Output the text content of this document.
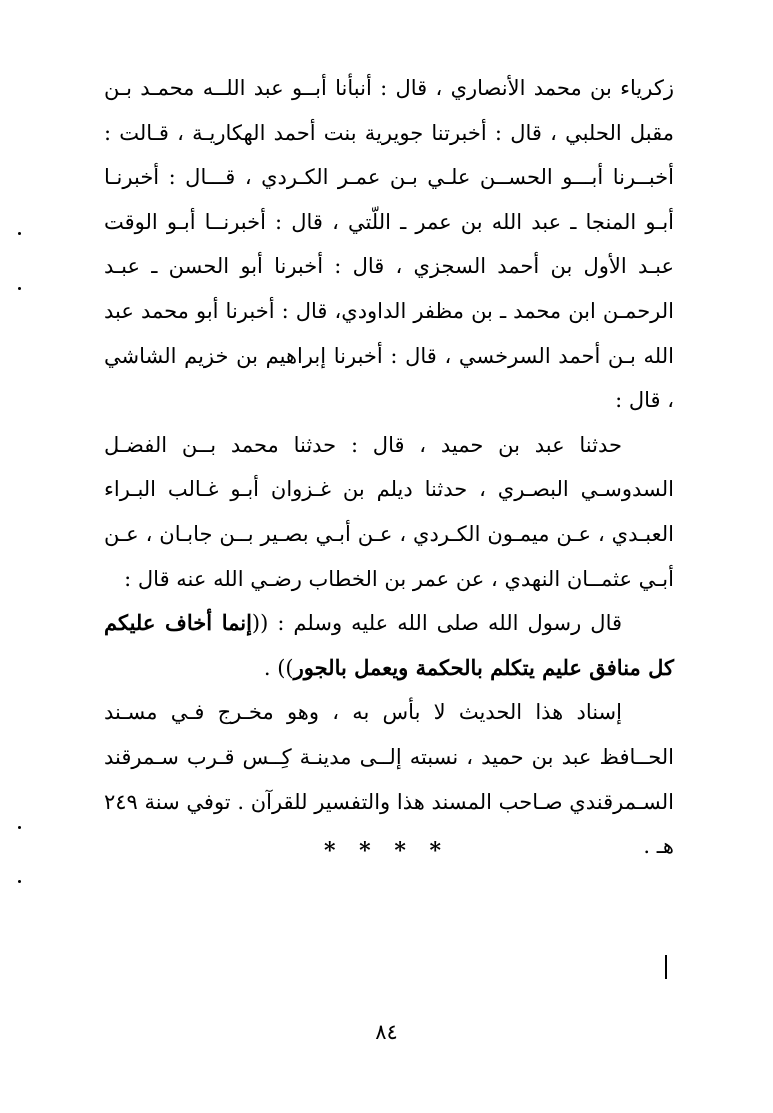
زكرياء بن محمد الأنصاري ، قال : أنبأنا أبــو عبد اللــه محمـد بـن مقبل الحلبي ، قال : أخبرتنا جويرية بنت أحمد الهكاريـة ، قـالت : أخبــرنا أبـــو الحســن علـي بـن عمـر الكـردي ، قـــال : أخبرنـا أبـو المنجا ـ عبد الله بن عمر ـ اللّتي ، قال : أخبرنــا أبـو الوقت عبـد الأول بن أحمد السجزي ، قال : أخبرنا أبو الحسن ـ عبـد الرحمـن ابن محمد ـ بن مظفر الداودي، قال : أخبرنا أبو محمد عبد الله بـن أحمد السرخسي ، قال : أخبرنا إبراهيم بن خزيم الشاشي ، قال :

حدثنا عبد بن حميد ، قال : حدثنا محمد بــن الفضـل السدوسـي البصـري ، حدثنا ديلم بن غـزوان أبـو غـالب البـراء العبـدي ، عـن ميمـون الكـردي ، عـن أبـي بصـير بــن جابـان ، عـن أبـي عثمــان النهدي ، عن عمر بن الخطاب رضـي الله عنه قال :

قال رسول الله صلى الله عليه وسلم : ((إنما أخاف عليكم كل منافق عليم يتكلم بالحكمة ويعمل بالجور)) .

إسناد هذا الحديث لا بأس به ، وهو مخـرج فـي مسـند الحــافظ عبد بن حميد ، نسبته إلــى مدينـة كِــس قـرب سـمرقند السـمرقندي صـاحب المسند هذا والتفسير للقرآن . توفي سنة ٢٤٩ هـ .

* * * *
٨٤
